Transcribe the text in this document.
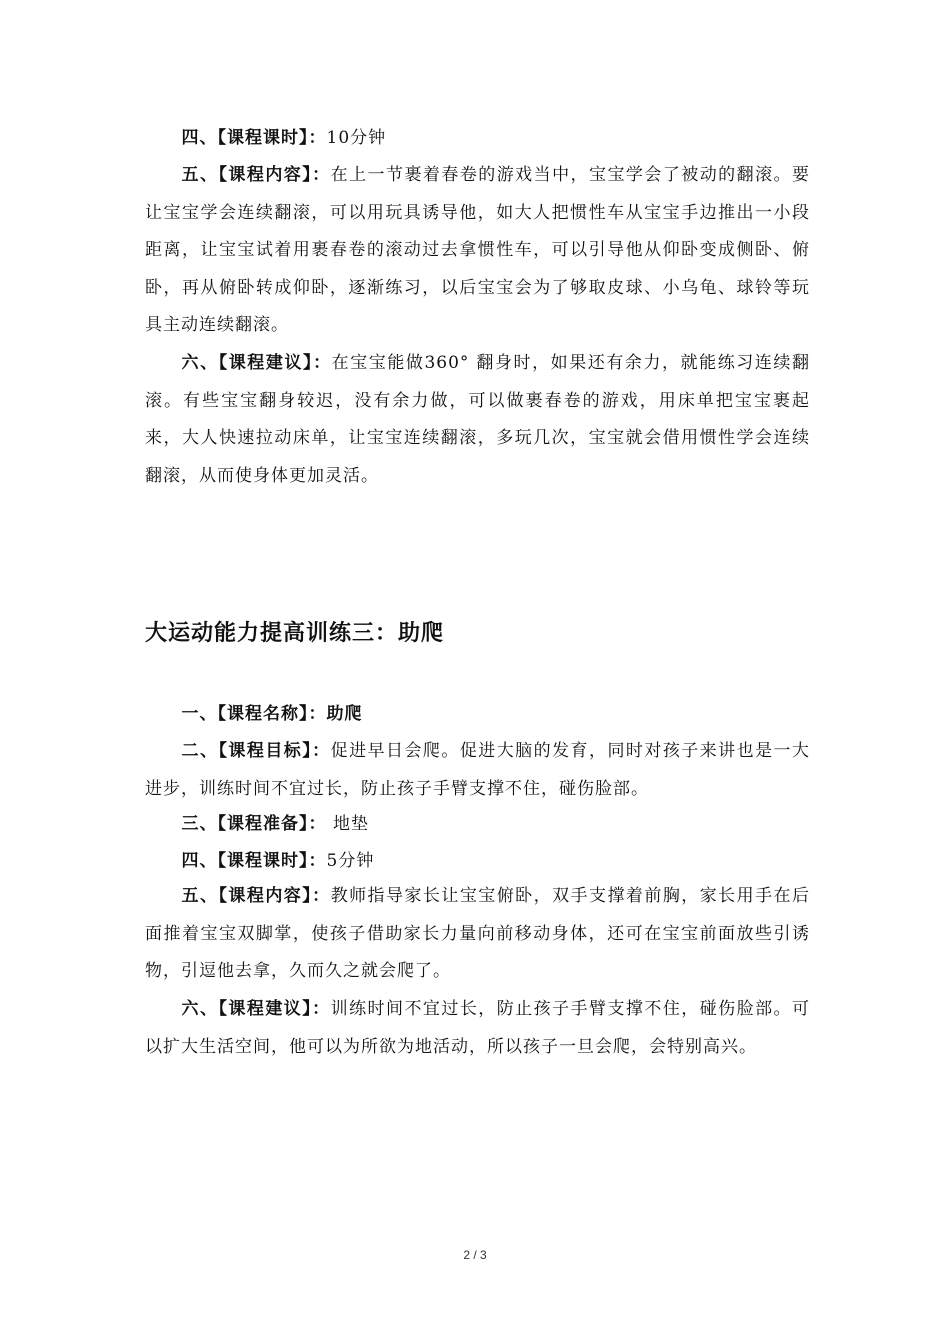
四、【课程课时】：10分钟

五、【课程内容】：在上一节裹着春卷的游戏当中，宝宝学会了被动的翻滚。要让宝宝学会连续翻滚，可以用玩具诱导他，如大人把惯性车从宝宝手边推出一小段距离，让宝宝试着用裹春卷的滚动过去拿惯性车，可以引导他从仰卧变成侧卧、俯卧，再从俯卧转成仰卧，逐渐练习，以后宝宝会为了够取皮球、小乌龟、球铃等玩具主动连续翻滚。

六、【课程建议】：在宝宝能做360° 翻身时，如果还有余力，就能练习连续翻滚。有些宝宝翻身较迟，没有余力做，可以做裹春卷的游戏，用床单把宝宝裹起来，大人快速拉动床单，让宝宝连续翻滚，多玩几次，宝宝就会借用惯性学会连续翻滚，从而使身体更加灵活。

大运动能力提高训练三：助爬

一、【课程名称】：助爬

二、【课程目标】：促进早日会爬。促进大脑的发育，同时对孩子来讲也是一大进步，训练时间不宜过长，防止孩子手臂支撑不住，碰伤脸部。

三、【课程准备】： 地垫

四、【课程课时】：5分钟

五、【课程内容】：教师指导家长让宝宝俯卧，双手支撑着前胸，家长用手在后面推着宝宝双脚掌，使孩子借助家长力量向前移动身体，还可在宝宝前面放些引诱物，引逗他去拿，久而久之就会爬了。

六、【课程建议】：训练时间不宜过长，防止孩子手臂支撑不住，碰伤脸部。可以扩大生活空间，他可以为所欲为地活动，所以孩子一旦会爬，会特别高兴。

2 / 3
